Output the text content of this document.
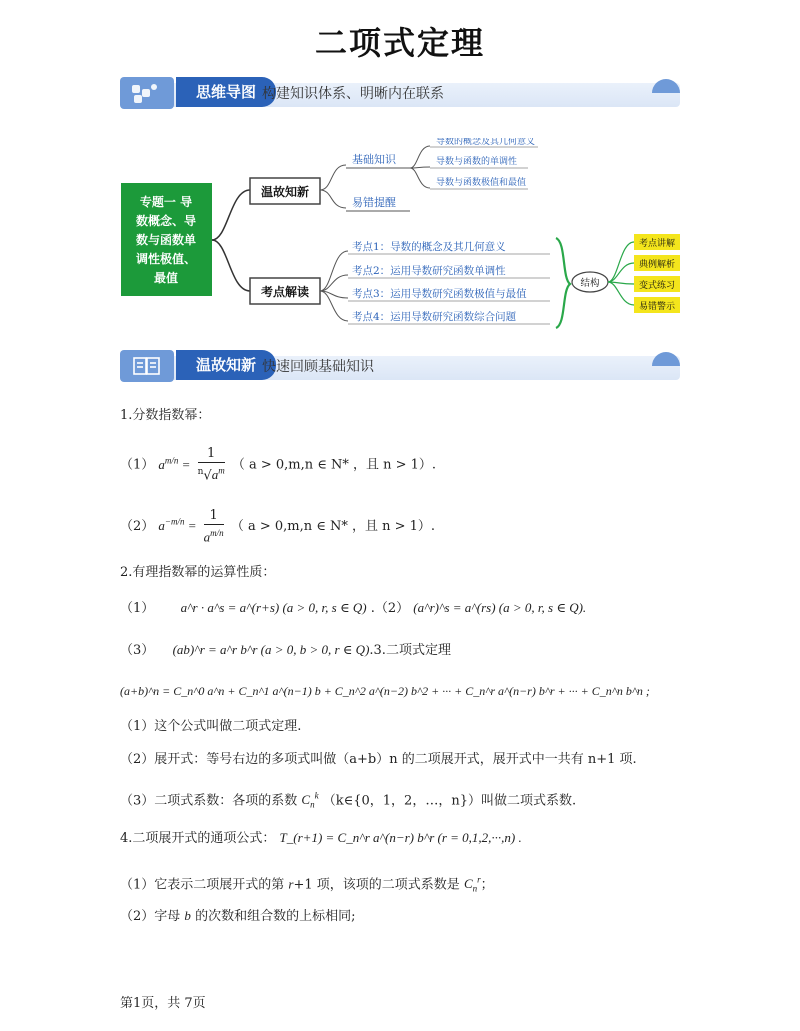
二项式定理
思维导图 构建知识体系、明晰内在联系
专题一 导
数概念、导
数与函数单
调性极值、
最值
温故知新
考点解读
基础知识
易错提醒
导数的概念及其几何意义
导数与函数的单调性
导数与函数极值和最值
考点1：导数的概念及其几何意义
考点2：运用导数研究函数单调性
考点3：运用导数研究函数极值与最值
考点4：运用导数研究函数综合问题
结构
考点讲解
典例解析
变式练习
易错警示
温故知新 快速回顾基础知识
1.分数指数幂：
（1） $a^{m/n} = \frac{1}{^n√a^m}$ （ a > 0,m,n ∈ N* ，且 n > 1）.
（2） $a^{-m/n} = \frac{1}{a^{m/n}}$ （ a > 0,m,n ∈ N* ，且 n > 1）.
2.有理指数幂的运算性质：
（1） a^r · a^s = a^(r+s) (a > 0, r, s ∈ Q) .（2） (a^r)^s = a^(rs) (a > 0, r, s ∈ Q).
（3） (ab)^r = a^r b^r (a > 0, b > 0, r ∈ Q).3.二项式定理
(a+b)^n = C_n^0 a^n + C_n^1 a^(n−1) b + C_n^2 a^(n−2) b^2 + ··· + C_n^r a^(n−r) b^r + ··· + C_n^n b^n ;
（1）这个公式叫做二项式定理.
（2）展开式：等号右边的多项式叫做（a+b）n 的二项展开式，展开式中一共有 n+1 项.
（3）二项式系数：各项的系数 $C_n^k$ （k∈{0，1，2，…，n}）叫做二项式系数.
4.二项展开式的通项公式： T_(r+1) = C_n^r a^(n−r) b^r (r = 0,1,2,···,n) .
（1）它表示二项展开式的第 r+1 项，该项的二项式系数是 $C_n^r$；
（2）字母 b 的次数和组合数的上标相同;
第1页，共 7页
